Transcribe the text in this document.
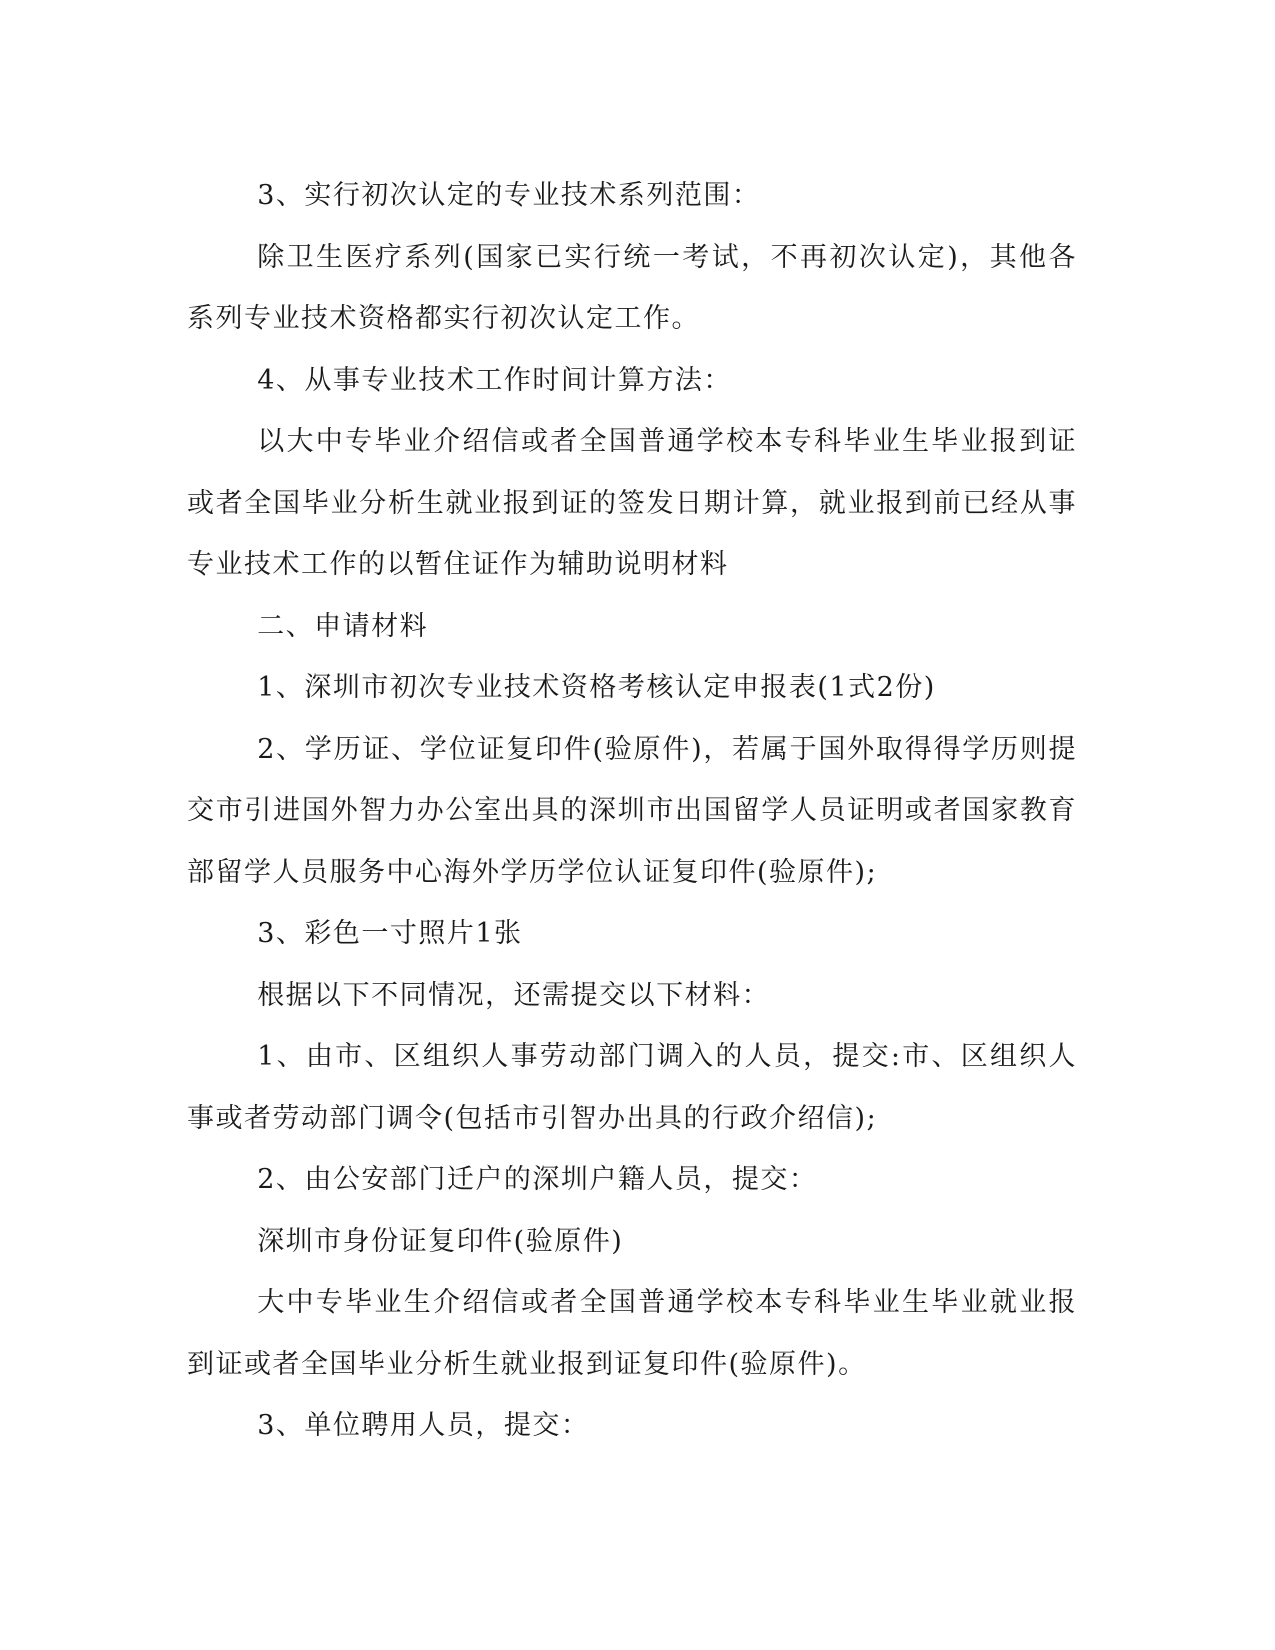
3、实行初次认定的专业技术系列范围：

除卫生医疗系列(国家已实行统一考试，不再初次认定)，其他各系列专业技术资格都实行初次认定工作。

4、从事专业技术工作时间计算方法：

以大中专毕业介绍信或者全国普通学校本专科毕业生毕业报到证或者全国毕业分析生就业报到证的签发日期计算，就业报到前已经从事专业技术工作的以暂住证作为辅助说明材料

二、申请材料

1、深圳市初次专业技术资格考核认定申报表(1式2份)

2、学历证、学位证复印件(验原件)，若属于国外取得得学历则提交市引进国外智力办公室出具的深圳市出国留学人员证明或者国家教育部留学人员服务中心海外学历学位认证复印件(验原件);

3、彩色一寸照片1张

根据以下不同情况，还需提交以下材料：

1、由市、区组织人事劳动部门调入的人员，提交:市、区组织人事或者劳动部门调令(包括市引智办出具的行政介绍信);

2、由公安部门迁户的深圳户籍人员，提交：

深圳市身份证复印件(验原件)

大中专毕业生介绍信或者全国普通学校本专科毕业生毕业就业报到证或者全国毕业分析生就业报到证复印件(验原件)。

3、单位聘用人员，提交：
